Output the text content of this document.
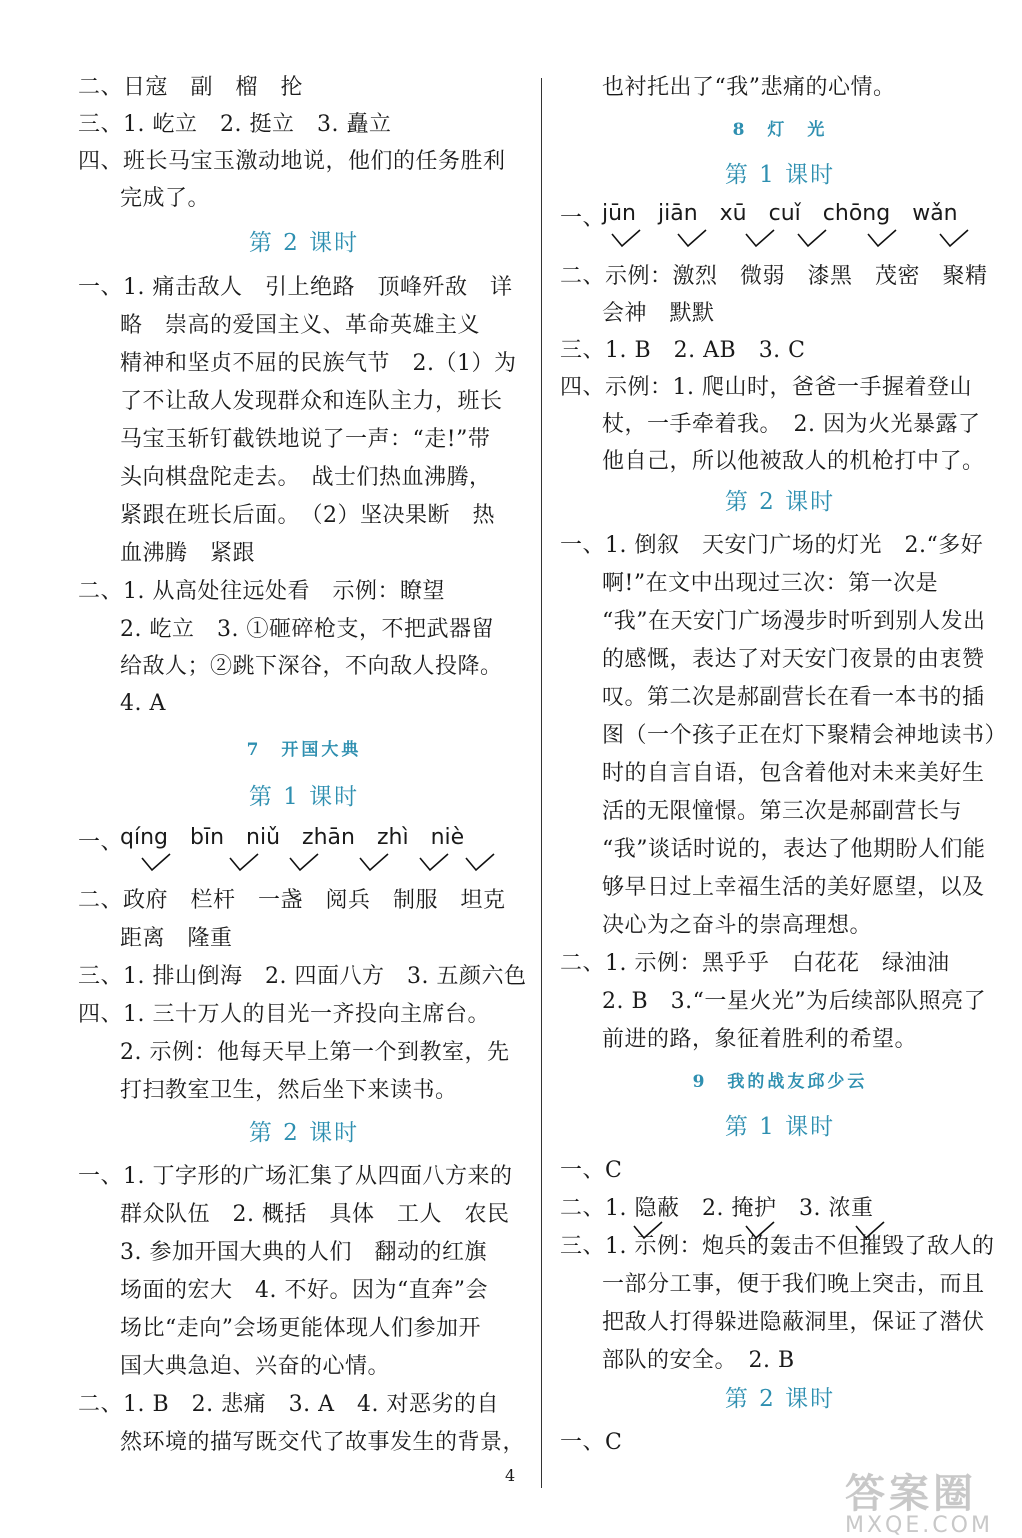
二、日寇　副　榴　抡
三、1. 屹立　2. 挺立　3. 矗立
四、班长马宝玉激动地说，他们的任务胜利
完成了。
第 2 课时
一、1. 痛击敌人　引上绝路　顶峰歼敌　详
略　崇高的爱国主义、革命英雄主义
精神和坚贞不屈的民族气节　2.（1）为
了不让敌人发现群众和连队主力，班长
马宝玉斩钉截铁地说了一声：“走!”带
头向棋盘陀走去。　战士们热血沸腾，
紧跟在班长后面。　（2）坚决果断　热
血沸腾　紧跟
二、1. 从高处往远处看　示例：瞭望
2. 屹立　3. ①砸碎枪支，不把武器留
给敌人；②跳下深谷，不向敌人投降。
4. A
7　开国大典
第 1 课时
一、
qíng bīn niǔ zhān zhì niè
二、政府　栏杆　一盏　阅兵　制服　坦克
距离　隆重
三、1. 排山倒海　2. 四面八方　3. 五颜六色
四、1. 三十万人的目光一齐投向主席台。
2. 示例：他每天早上第一个到教室，先
打扫教室卫生，然后坐下来读书。
第 2 课时
一、1. 丁字形的广场汇集了从四面八方来的
群众队伍　2. 概括　具体　工人　农民
3. 参加开国大典的人们　翻动的红旗
场面的宏大　4. 不好。因为“直奔”会
场比“走向”会场更能体现人们参加开
国大典急迫、兴奋的心情。
二、1. B　2. 悲痛　3. A　4. 对恶劣的自
然环境的描写既交代了故事发生的背景，
也衬托出了“我”悲痛的心情。
8　灯　光
第 1 课时
一、
jūn jiān xū cuǐ chōng wǎn
二、示例：激烈　微弱　漆黑　茂密　聚精
会神　默默
三、1. B　2. AB　3. C
四、示例：1. 爬山时，爸爸一手握着登山
杖，一手牵着我。　2. 因为火光暴露了
他自己，所以他被敌人的机枪打中了。
第 2 课时
一、1. 倒叙　天安门广场的灯光　2.“多好
啊!”在文中出现过三次：第一次是
“我”在天安门广场漫步时听到别人发出
的感慨，表达了对天安门夜景的由衷赞
叹。第二次是郝副营长在看一本书的插
图（一个孩子正在灯下聚精会神地读书）
时的自言自语，包含着他对未来美好生
活的无限憧憬。第三次是郝副营长与
“我”谈话时说的，表达了他期盼人们能
够早日过上幸福生活的美好愿望，以及
决心为之奋斗的崇高理想。
二、1. 示例：黑乎乎　白花花　绿油油
2. B　3.“一星火光”为后续部队照亮了
前进的路，象征着胜利的希望。
9　我的战友邱少云
第 1 课时
一、C
二、1. 隐蔽　2. 掩护　3. 浓重
三、1. 示例：炮兵的轰击不但摧毁了敌人的
一部分工事，便于我们晚上突击，而且
把敌人打得躲进隐蔽洞里，保证了潜伏
部队的安全。　2. B
第 2 课时
一、C
4	答案圈
MXQE.COM
